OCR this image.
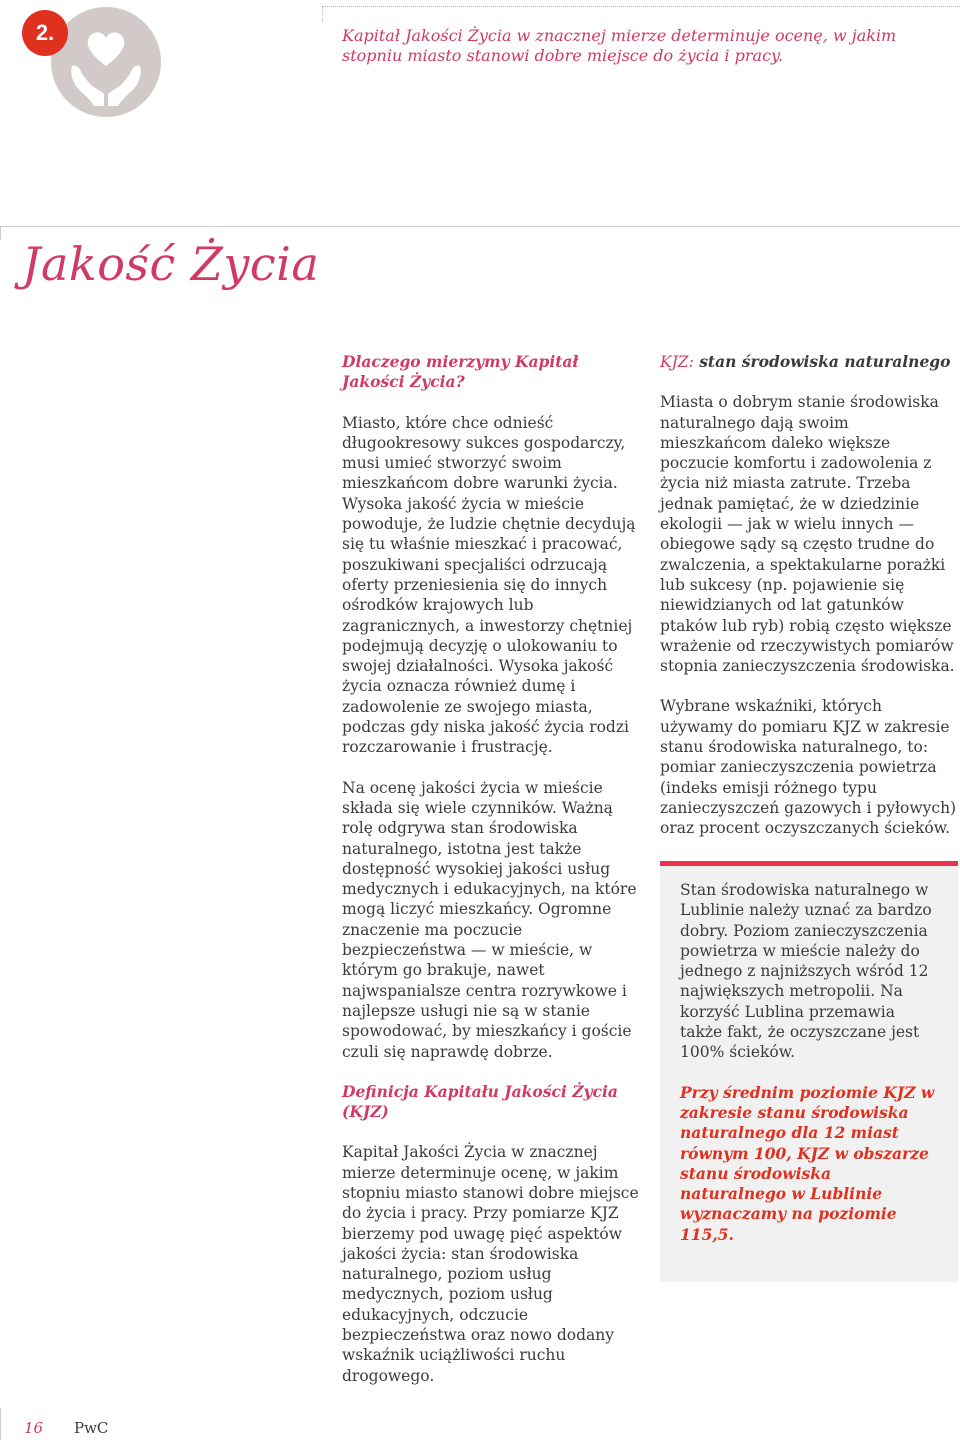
2.	Kapitał Jakości Życia w znacznej mierze determinuje ocenę, w jakim stopniu miasto stanowi dobre miejsce do życia i pracy.
Jakość Życia

Dlaczego mierzymy Kapitał Jakości Życia?

Miasto, które chce odnieść długookresowy sukces gospodarczy, musi umieć stworzyć swoim mieszkańcom dobre warunki życia. Wysoka jakość życia w mieście powoduje, że ludzie chętnie decydują się tu właśnie mieszkać i pracować, poszukiwani specjaliści odrzucają oferty przeniesienia się do innych ośrodków krajowych lub zagranicznych, a inwestorzy chętniej podejmują decyzję o ulokowaniu to swojej działalności. Wysoka jakość życia oznacza również dumę i zadowolenie ze swojego miasta, podczas gdy niska jakość życia rodzi rozczarowanie i frustrację.

Na ocenę jakości życia w mieście składa się wiele czynników. Ważną rolę odgrywa stan środowiska naturalnego, istotna jest także dostępność wysokiej jakości usług medycznych i edukacyjnych, na które mogą liczyć mieszkańcy. Ogromne znaczenie ma poczucie bezpieczeństwa — w mieście, w którym go brakuje, nawet najwspanialsze centra rozrywkowe i najlepsze usługi nie są w stanie spowodować, by mieszkańcy i goście czuli się naprawdę dobrze.

Definicja Kapitału Jakości Życia (KJZ)

Kapitał Jakości Życia w znacznej mierze determinuje ocenę, w jakim stopniu miasto stanowi dobre miejsce do życia i pracy. Przy pomiarze KJZ bierzemy pod uwagę pięć aspektów jakości życia: stan środowiska naturalnego, poziom usług medycznych, poziom usług edukacyjnych, odczucie bezpieczeństwa oraz nowo dodany wskaźnik uciążliwości ruchu drogowego.

KJZ: stan środowiska naturalnego

Miasta o dobrym stanie środowiska naturalnego dają swoim mieszkańcom daleko większe poczucie komfortu i zadowolenia z życia niż miasta zatrute. Trzeba jednak pamiętać, że w dziedzinie ekologii — jak w wielu innych — obiegowe sądy są często trudne do zwalczenia, a spektakularne porażki lub sukcesy (np. pojawienie się niewidzianych od lat gatunków ptaków lub ryb) robią często większe wrażenie od rzeczywistych pomiarów stopnia zanieczyszczenia środowiska.

Wybrane wskaźniki, których używamy do pomiaru KJZ w zakresie stanu środowiska naturalnego, to: pomiar zanieczyszczenia powietrza (indeks emisji różnego typu zanieczyszczeń gazowych i pyłowych) oraz procent oczyszczanych ścieków.

Stan środowiska naturalnego w Lublinie należy uznać za bardzo dobry. Poziom zanieczyszczenia powietrza w mieście należy do jednego z najniższych wśród 12 największych metropolii. Na korzyść Lublina przemawia także fakt, że oczyszczane jest 100% ścieków.

Przy średnim poziomie KJZ w zakresie stanu środowiska naturalnego dla 12 miast równym 100, KJZ w obszarze stanu środowiska naturalnego w Lublinie wyznaczamy na poziomie 115,5.

16 PwC
